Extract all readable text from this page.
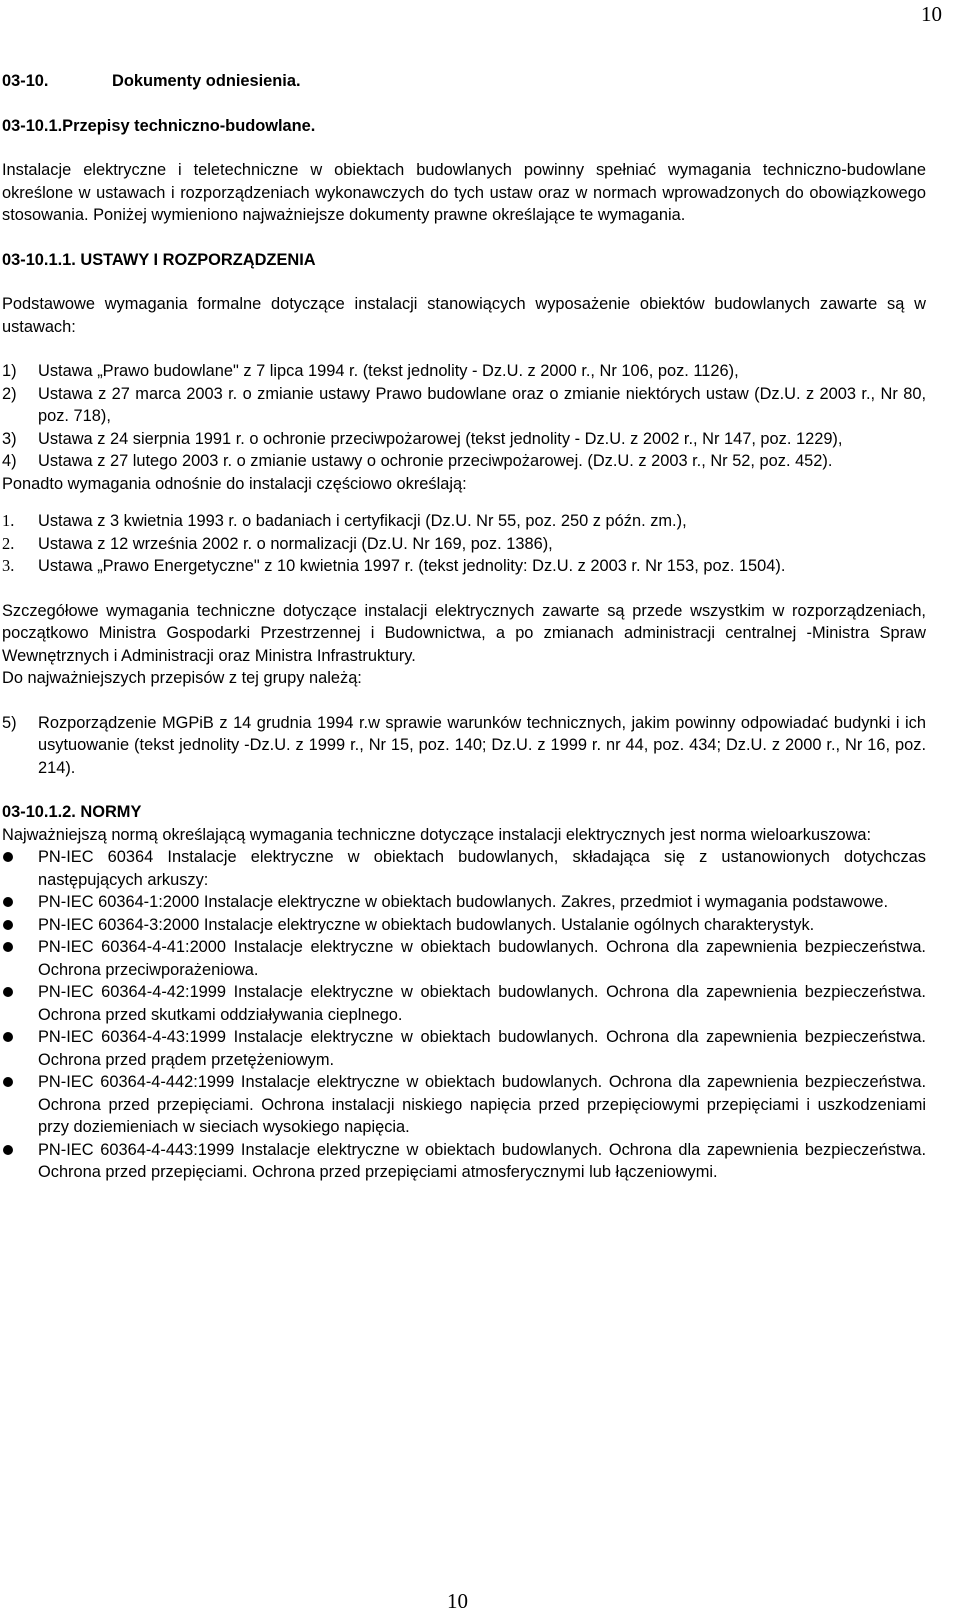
10
03-10.	Dokumenty odniesienia.
03-10.1.Przepisy techniczno-budowlane.

Instalacje elektryczne i teletechniczne w obiektach budowlanych powinny spełniać wymagania techniczno-budowlane określone w ustawach i rozporządzeniach wykonawczych do tych ustaw oraz w normach wprowadzonych do obowiązkowego stosowania. Poniżej wymieniono najważniejsze dokumenty prawne określające te wymagania.

03-10.1.1. USTAWY I ROZPORZĄDZENIA

Podstawowe wymagania formalne dotyczące instalacji stanowiących wyposażenie obiektów budowlanych zawarte są w ustawach:

1)	Ustawa „Prawo budowlane" z 7 lipca 1994 r. (tekst jednolity - Dz.U. z 2000 r., Nr 106, poz. 1126),
2)	Ustawa z 27 marca 2003 r. o zmianie ustawy Prawo budowlane oraz o zmianie niektórych ustaw (Dz.U. z 2003 r., Nr 80, poz. 718),
3)	Ustawa z 24 sierpnia 1991 r. o ochronie przeciwpożarowej (tekst jednolity - Dz.U. z 2002 r., Nr 147, poz. 1229),
4)	Ustawa z 27 lutego 2003 r. o zmianie ustawy o ochronie przeciwpożarowej. (Dz.U. z 2003 r., Nr 52, poz. 452).

Ponadto wymagania odnośnie do instalacji częściowo określają:

1.	Ustawa z 3 kwietnia 1993 r. o badaniach i certyfikacji (Dz.U. Nr 55, poz. 250 z późn. zm.),
2.	Ustawa z 12 września 2002 r. o normalizacji (Dz.U. Nr 169, poz. 1386),
3.	Ustawa „Prawo Energetyczne" z 10 kwietnia 1997 r. (tekst jednolity: Dz.U. z 2003 r. Nr 153, poz. 1504).

Szczegółowe wymagania techniczne dotyczące instalacji elektrycznych zawarte są przede wszystkim w rozporządzeniach, początkowo Ministra Gospodarki Przestrzennej i Budownictwa, a po zmianach administracji centralnej -Ministra Spraw Wewnętrznych i Administracji oraz Ministra Infrastruktury.

Do najważniejszych przepisów z tej grupy należą:

5)	Rozporządzenie MGPiB z 14 grudnia 1994 r.w sprawie warunków technicznych, jakim powinny odpowiadać budynki i ich usytuowanie (tekst jednolity -Dz.U. z 1999 r., Nr 15, poz. 140; Dz.U. z 1999 r. nr 44, poz. 434; Dz.U. z 2000 r., Nr 16, poz. 214).
03-10.1.2. NORMY

Najważniejszą normą określającą wymagania techniczne dotyczące instalacji elektrycznych jest norma wieloarkuszowa:

PN-IEC 60364 Instalacje elektryczne w obiektach budowlanych, składająca się z ustanowionych dotychczas następujących arkuszy:
PN-IEC 60364-1:2000 Instalacje elektryczne w obiektach budowlanych. Zakres, przedmiot i wymagania podstawowe.
PN-IEC 60364-3:2000 Instalacje elektryczne w obiektach budowlanych. Ustalanie ogólnych charakterystyk.
PN-IEC 60364-4-41:2000 Instalacje elektryczne w obiektach budowlanych. Ochrona dla zapewnienia bezpieczeństwa. Ochrona przeciwporażeniowa.
PN-IEC 60364-4-42:1999 Instalacje elektryczne w obiektach budowlanych. Ochrona dla zapewnienia bezpieczeństwa. Ochrona przed skutkami oddziaływania cieplnego.
PN-IEC 60364-4-43:1999 Instalacje elektryczne w obiektach budowlanych. Ochrona dla zapewnienia bezpieczeństwa. Ochrona przed prądem przetężeniowym.
PN-IEC 60364-4-442:1999 Instalacje elektryczne w obiektach budowlanych. Ochrona dla zapewnienia bezpieczeństwa. Ochrona przed przepięciami. Ochrona instalacji niskiego napięcia przed przepięciowymi przepięciami i uszkodzeniami przy doziemieniach w sieciach wysokiego napięcia.
PN-IEC 60364-4-443:1999 Instalacje elektryczne w obiektach budowlanych. Ochrona dla zapewnienia bezpieczeństwa. Ochrona przed przepięciami. Ochrona przed przepięciami atmosferycznymi lub łączeniowymi.
10
